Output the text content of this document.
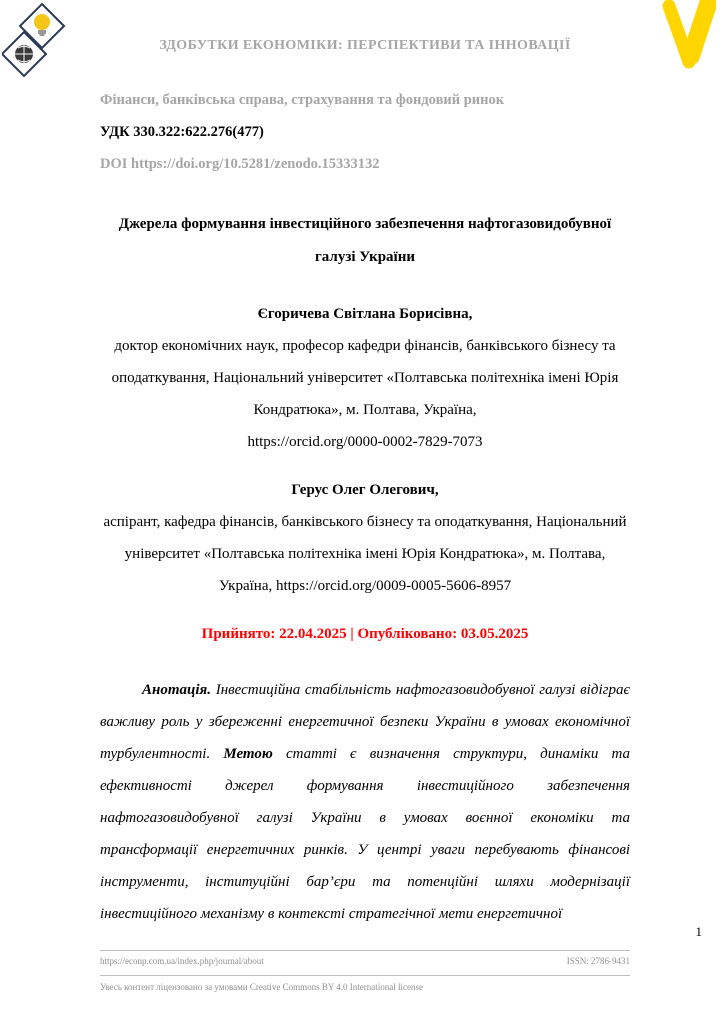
ЗДОБУТКИ ЕКОНОМІКИ: ПЕРСПЕКТИВИ ТА ІННОВАЦІЇ
Фінанси, банківська справа, страхування та фондовий ринок
УДК 330.322:622.276(477)
DOI https://doi.org/10.5281/zenodo.15333132
Джерела формування інвестиційного забезпечення нафтогазовидобувної галузі України
Єгоричева Світлана Борисівна,
доктор економічних наук, професор кафедри фінансів, банківського бізнесу та оподаткування, Національний університет «Полтавська політехніка імені Юрія Кондратюка», м. Полтава, Україна,
https://orcid.org/0000-0002-7829-7073
Герус Олег Олегович,
аспірант, кафедра фінансів, банківського бізнесу та оподаткування, Національний університет «Полтавська політехніка імені Юрія Кондратюка», м. Полтава, Україна, https://orcid.org/0009-0005-5606-8957
Прийнято: 22.04.2025 | Опубліковано: 03.05.2025

Анотація. Інвестиційна стабільність нафтогазовидобувної галузі відіграє важливу роль у збереженні енергетичної безпеки України в умовах економічної турбулентності. Метою статті є визначення структури, динаміки та ефективності джерел формування інвестиційного забезпечення нафтогазовидобувної галузі України в умовах воєнної економіки та трансформації енергетичних ринків. У центрі уваги перебувають фінансові інструменти, інституційні бар’єри та потенційні шляхи модернізації інвестиційного механізму в контексті стратегічної мети енергетичної

1
https://econp.com.ua/index.php/journal/about	ISSN: 2786-9431
Увесь контент ліцензовано за умовами Creative Commons BY 4.0 International license
